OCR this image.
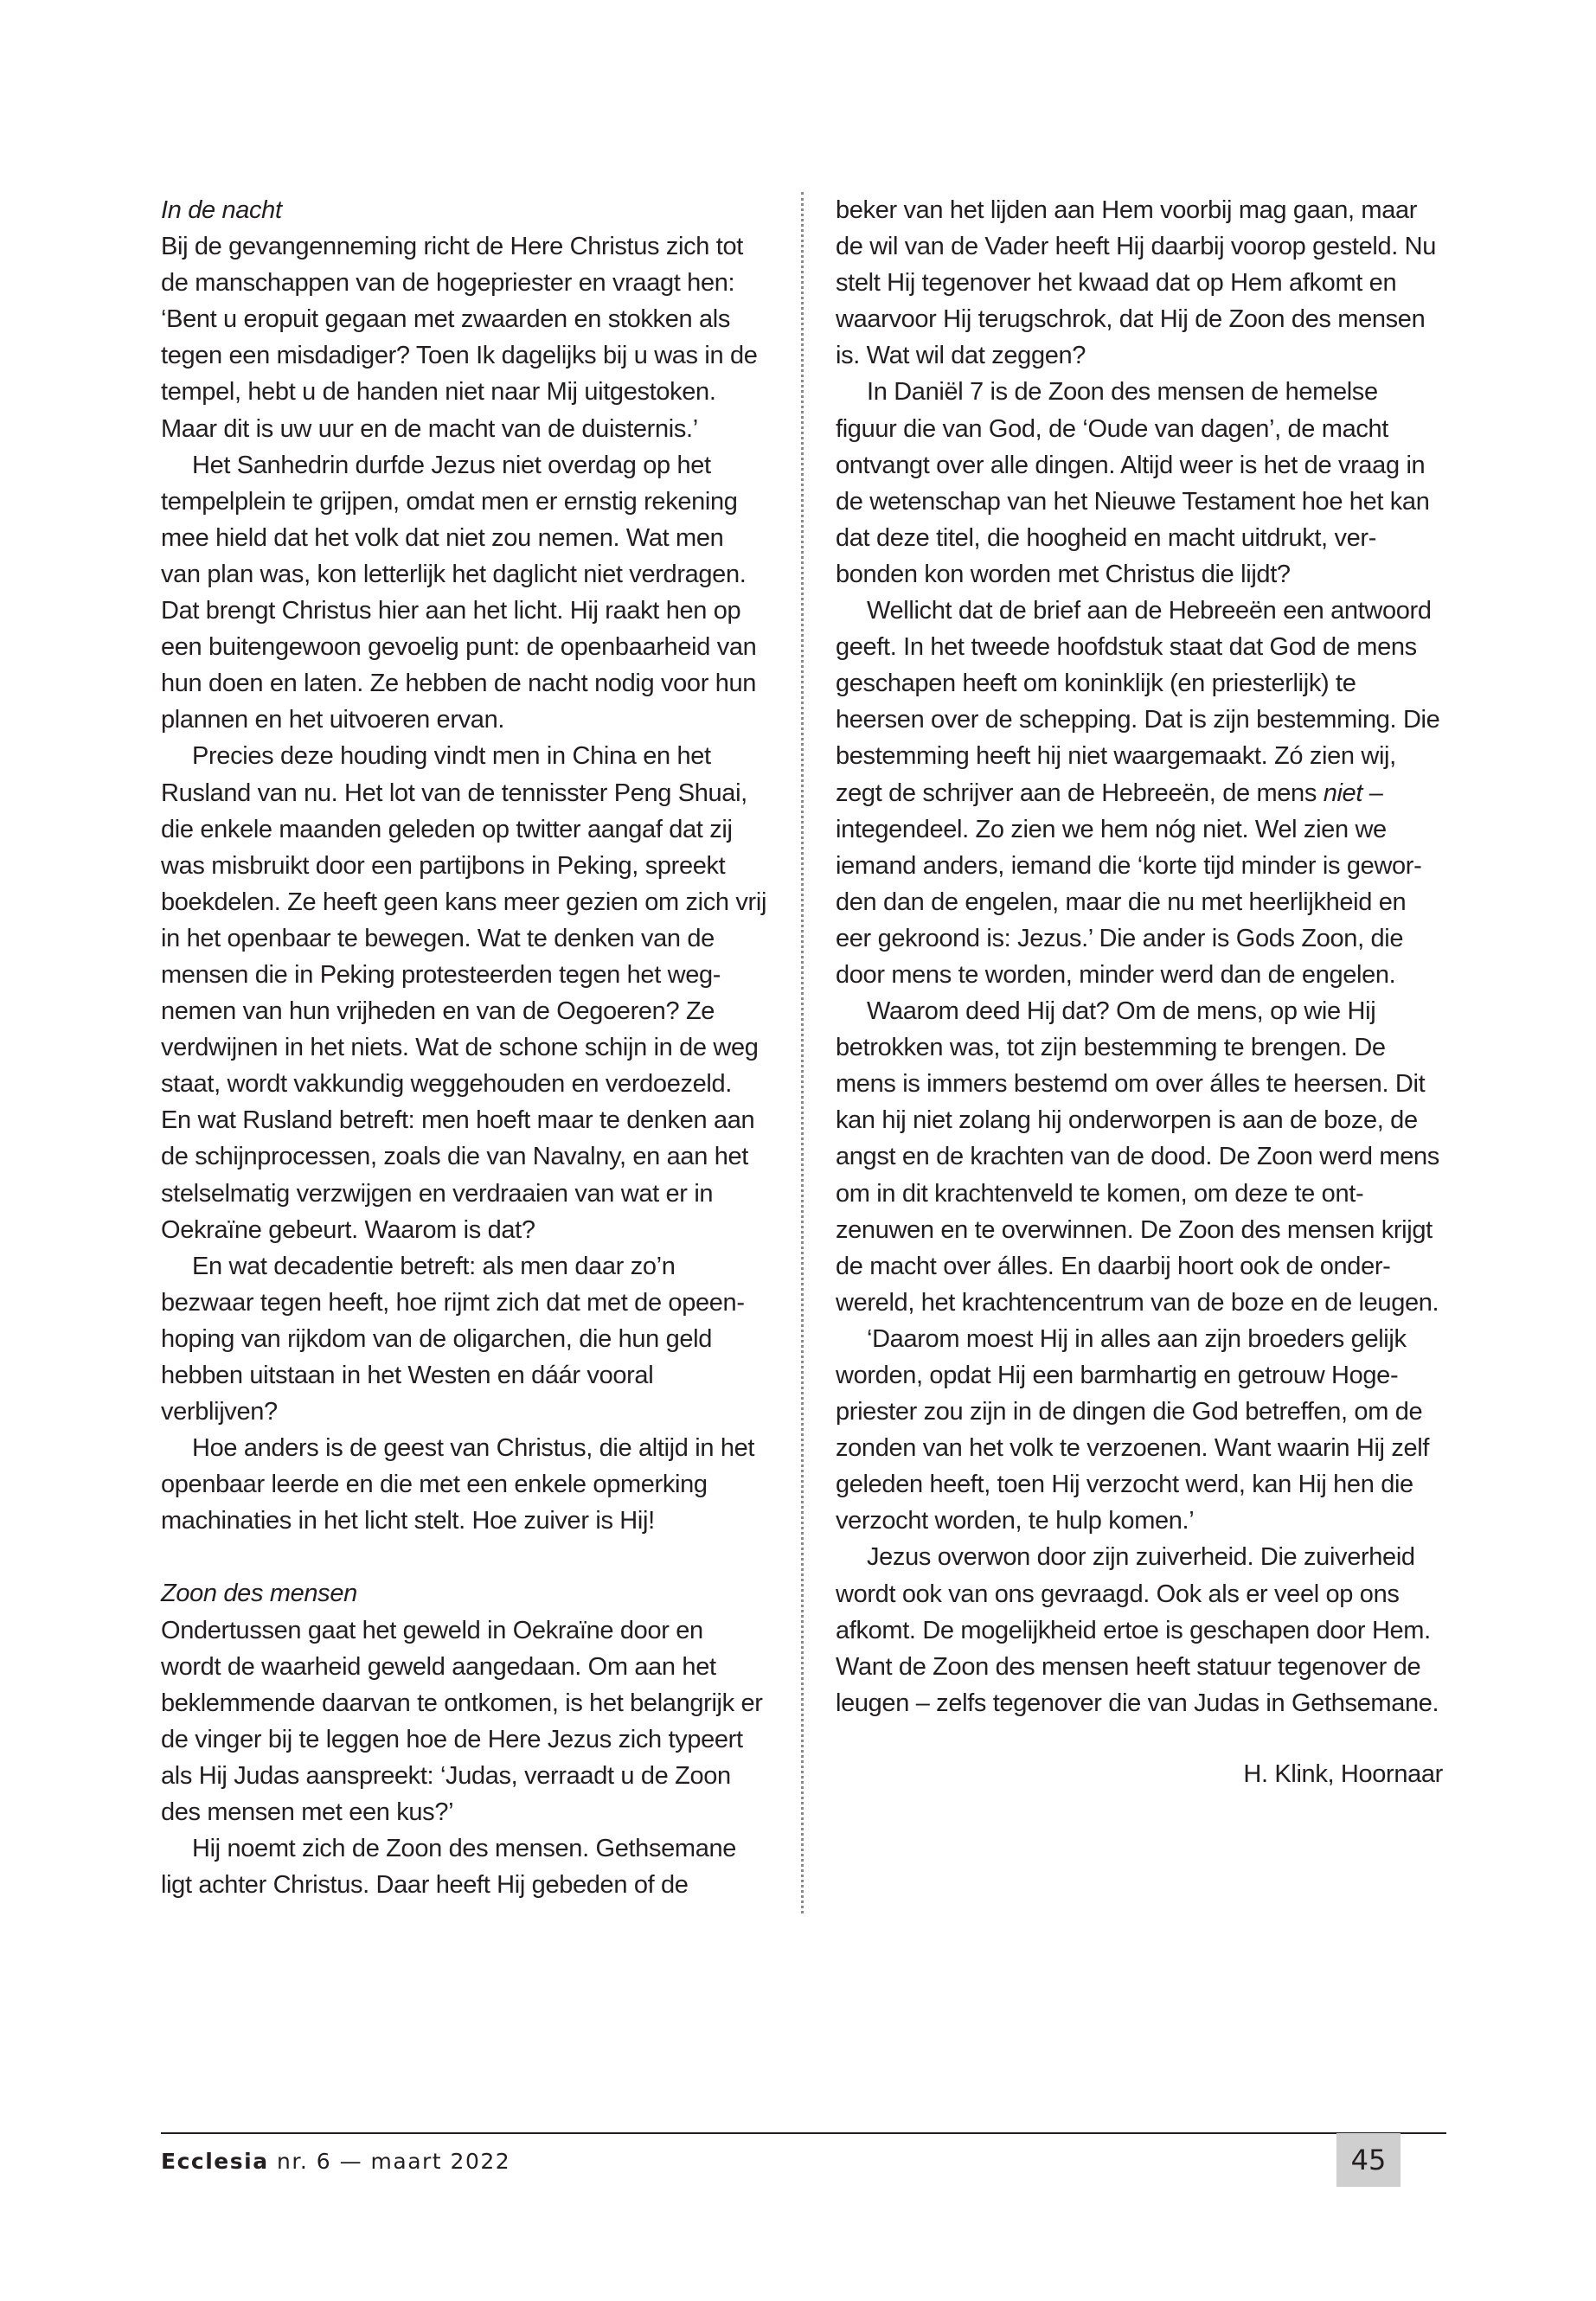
In de nacht

Bij de gevangenneming richt de Here Christus zich tot de manschappen van de hogepriester en vraagt hen: ‘Bent u eropuit gegaan met zwaarden en stokken als tegen een misdadiger? Toen Ik dagelijks bij u was in de tempel, hebt u de handen niet naar Mij uitgestoken. Maar dit is uw uur en de macht van de duisternis.’

Het Sanhedrin durfde Jezus niet overdag op het tempelplein te grijpen, omdat men er ernstig rekening mee hield dat het volk dat niet zou nemen. Wat men van plan was, kon letterlijk het daglicht niet verdragen. Dat brengt Christus hier aan het licht. Hij raakt hen op een buitengewoon gevoelig punt: de openbaarheid van hun doen en laten. Ze hebben de nacht nodig voor hun plannen en het uitvoeren ervan.

Precies deze houding vindt men in China en het Rusland van nu. Het lot van de tennisster Peng Shuai, die enkele maanden geleden op twitter aangaf dat zij was misbruikt door een partijbons in Peking, spreekt boekdelen. Ze heeft geen kans meer gezien om zich vrij in het openbaar te bewegen. Wat te denken van de mensen die in Peking protesteerden tegen het wegnemen van hun vrijheden en van de Oegoeren? Ze verdwijnen in het niets. Wat de schone schijn in de weg staat, wordt vakkundig weggehouden en verdoezeld. En wat Rusland betreft: men hoeft maar te denken aan de schijnprocessen, zoals die van Navalny, en aan het stelselmatig verzwijgen en verdraaien van wat er in Oekraïne gebeurt. Waarom is dat?

En wat decadentie betreft: als men daar zo’n bezwaar tegen heeft, hoe rijmt zich dat met de opeenhoping van rijkdom van de oligarchen, die hun geld hebben uitstaan in het Westen en dáár vooral verblijven?

Hoe anders is de geest van Christus, die altijd in het openbaar leerde en die met een enkele opmerking machinaties in het licht stelt. Hoe zuiver is Hij!

Zoon des mensen

Ondertussen gaat het geweld in Oekraïne door en wordt de waarheid geweld aangedaan. Om aan het beklemmende daarvan te ontkomen, is het belangrijk er de vinger bij te leggen hoe de Here Jezus zich typeert als Hij Judas aanspreekt: ‘Judas, verraadt u de Zoon des mensen met een kus?’

Hij noemt zich de Zoon des mensen. Gethsemane ligt achter Christus. Daar heeft Hij gebeden of de

beker van het lijden aan Hem voorbij mag gaan, maar de wil van de Vader heeft Hij daarbij voorop gesteld. Nu stelt Hij tegenover het kwaad dat op Hem afkomt en waarvoor Hij terugschrok, dat Hij de Zoon des mensen is. Wat wil dat zeggen?

In Daniël 7 is de Zoon des mensen de hemelse figuur die van God, de ‘Oude van dagen’, de macht ontvangt over alle dingen. Altijd weer is het de vraag in de wetenschap van het Nieuwe Testament hoe het kan dat deze titel, die hoogheid en macht uitdrukt, verbonden kon worden met Christus die lijdt?

Wellicht dat de brief aan de Hebreeën een antwoord geeft. In het tweede hoofdstuk staat dat God de mens geschapen heeft om koninklijk (en priesterlijk) te heersen over de schepping. Dat is zijn bestemming. Die bestemming heeft hij niet waargemaakt. Zó zien wij, zegt de schrijver aan de Hebreeën, de mens niet – integendeel. Zo zien we hem nóg niet. Wel zien we iemand anders, iemand die ‘korte tijd minder is geworden dan de engelen, maar die nu met heerlijkheid en eer gekroond is: Jezus.’ Die ander is Gods Zoon, die door mens te worden, minder werd dan de engelen.

Waarom deed Hij dat? Om de mens, op wie Hij betrokken was, tot zijn bestemming te brengen. De mens is immers bestemd om over álles te heersen. Dit kan hij niet zolang hij onderworpen is aan de boze, de angst en de krachten van de dood. De Zoon werd mens om in dit krachtenveld te komen, om deze te ontzenuwen en te overwinnen. De Zoon des mensen krijgt de macht over álles. En daarbij hoort ook de onderwereld, het krachtencentrum van de boze en de leugen.

‘Daarom moest Hij in alles aan zijn broeders gelijk worden, opdat Hij een barmhartig en getrouw Hogepriester zou zijn in de dingen die God betreffen, om de zonden van het volk te verzoenen. Want waarin Hij zelf geleden heeft, toen Hij verzocht werd, kan Hij hen die verzocht worden, te hulp komen.’

Jezus overwon door zijn zuiverheid. Die zuiverheid wordt ook van ons gevraagd. Ook als er veel op ons afkomt. De mogelijkheid ertoe is geschapen door Hem. Want de Zoon des mensen heeft statuur tegenover de leugen – zelfs tegenover die van Judas in Gethsemane.

H. Klink, Hoornaar

Ecclesia nr. 6 — maart 2022	45
